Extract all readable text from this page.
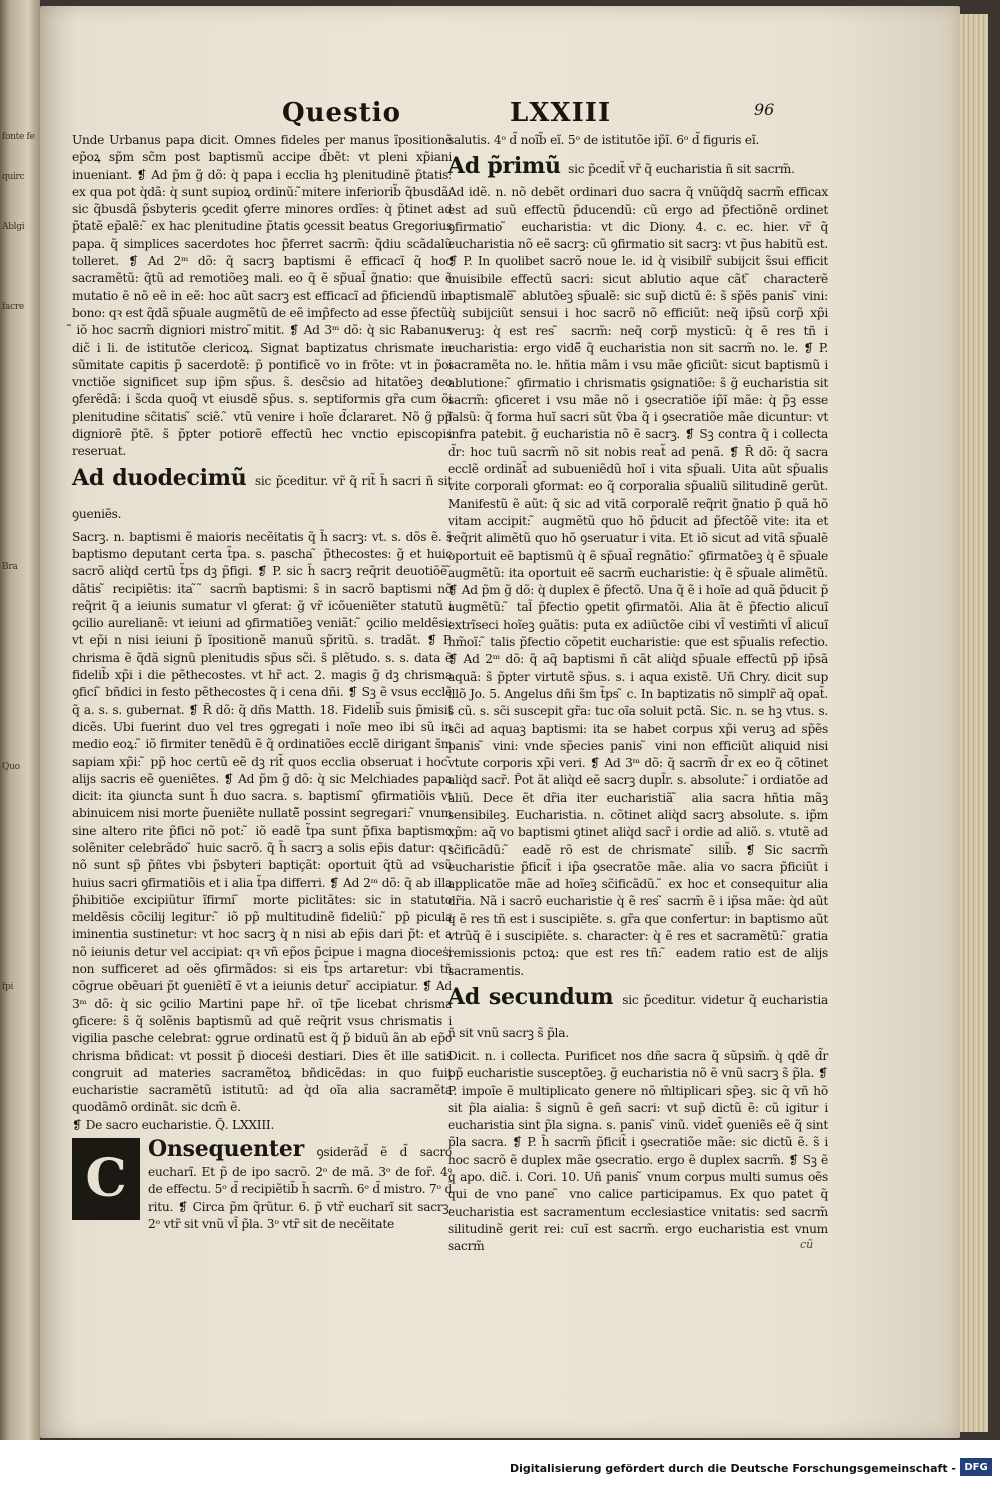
fonte fe
quirc
Ablgi
facre
Bra
Quo
fpi
Questio	LXXIII	96

Unde Urbanus papa dicit. Omnes fideles per manus ĩpositionẽ ep̃oꝝ sp̃m sc̃m post baptismũ accipe d̃bẽt: vt pleni xp̃iani inueniant. ❡ Ad p̃m g̃ dõ: q̀ papa i ecclia hꝫ plenitudinẽ p̃tatis: ex qua pot q̀dã: q̀ sunt supioꝝ ordinũ: ̃mitere inferiorib̃ q̃busdã: sic q̃busdã p̃sbyteris ꝯcedit ꝯferre minores ordĩes: q̀ p̃tinet ad p̃tatẽ ep̃alẽ: ̃ ex hac plenitudine p̃tatis ꝯcessit beatus Gregorius papa. q̃ simplices sacerdotes hoc p̃ferret sacrm̃: q̃diu scãdalũ tolleret. ❡ Ad 2ᵐ dõ: q̃ sacrꝫ baptismi ẽ efficacĩ q̃ hoc sacramẽtũ: q̃tũ ad remotiõeꝫ mali. eo q̃ ẽ sp̃ual̃ g̃natio: que ẽ mutatio ẽ nõ eẽ in eẽ: hoc aũt sacrꝫ est efficacĩ ad p̃ficiendũ in bono: qꝛ est q̃dã sp̃uale augmẽtũ de eẽ imp̃fecto ad esse p̃fectũ: ̃ iõ hoc sacrm̃ digniori mistro ̃mitit. ❡ Ad 3ᵐ dõ: q̀ sic Rabanus dic̃ i li. de istitutõe clericoꝝ. Signat baptizatus chrismate in sũmitate capitis p̃ sacerdotẽ: p̃ pontificẽ vo in frõte: vt in p̃oi vnctiõe significet sup ip̃m sp̃us. s̃. desc̃sio ad hitatõeꝫ deo ꝯferẽdã: i s̃cda quoq̃ vt eiusdẽ sp̃us. s. septiformis gr̃a cum õi plenitudine sc̃itatis ̃ sciẽ. ̃ vtũ venire i hoĩe d̃clararet. Nõ g̃ pp̃ digniorẽ p̃tẽ. s̃ p̃pter potiorẽ effectũ hec vnctio episcopis reseruat.

Ad duodecimũ sic p̃ceditur. vr̃ q̃ rit̃ h̃ sacri ñ sit ꝯueniẽs.

Sacrꝫ. n. baptismi ẽ maioris necẽitatis q̃ h̃ sacrꝫ: vt. s. dõs ẽ. s̃ baptismo deputant certa t̃pa. s. pascha ̃ p̃thecostes: g̃ et huic sacrõ aliq̀d certũ t̃ps dꝫ p̃figi. ❡ P. sic h̃ sacrꝫ req̃rit deuotiõẽ ̃ dãtis ̃ recipiẽtis: ita ̃ ̃ sacrm̃ baptismi: s̃ in sacrõ baptismi nõ req̃rit q̃ a ieiunis sumatur vl ꝯferat: g̃ vr̃ icõueniẽter statutũ i ꝯcilio aurelianẽ: vt ieiuni ad ꝯfirmatiõeꝫ veniãt: ̃ ꝯcilio meldẽsi: vt ep̃i n nisi ieiuni p̃ ĩpositionẽ manuũ sp̃ritũ. s. tradãt. ❡ P. chrisma ẽ q̃dã signũ plenitudis sp̃us sc̃i. s̃ plẽtudo. s. s. data ẽ fidelib̃ xp̃i i die pẽthecostes. vt hr̃ act. 2. magis g̃ dꝫ chrisma ꝯfici ̃ bñdici in festo pẽthecostes q̃ i cena dñi. ❡ Sꝫ ẽ vsus ecclẽ q̃ a. s. s. gubernat. ❡ R̃ dõ: q̃ dñs Matth. 18. Fidelib̃ suis p̃misit dicẽs. Ubi fuerint duo vel tres ꝯgregati i noĩe meo ibi sũ in medio eoꝝ: ̃ iõ firmiter tenẽdũ ẽ q̃ ordinatiões ecclẽ dirigant s̃m sapiam xp̃i: ̃ pp̃ hoc certũ eẽ dꝫ rit̃ quos ecclia obseruat i hoc ̃ alijs sacris eẽ ꝯueniẽtes. ❡ Ad p̃m g̃ dõ: q̀ sic Melchiades papa dicit: ita ꝯiuncta sunt h̃ duo sacra. s. baptismi ̃ ꝯfirmatiõis vt abinuicem nisi morte p̃ueniẽte nullatẽ̃ possint segregari: ̃ vnum sine altero rite p̃fici nõ pot: ̃ iõ eadẽ t̃pa sunt p̃fixa baptismo solẽniter celebrãdo ̃ huic sacrõ. q̃ h̃ sacrꝫ a solis ep̃is datur: qꝛ nõ sunt sp̃ p̃ñtes vbi p̃sbyteri baptiçãt: oportuit q̃tũ ad vsũ huius sacri ꝯfirmatiõis et i alia t̃pa differri. ❡ Ad 2ᵐ dõ: q̃ ab illa p̃hibitiõe excipiũtur ĩfirmi ̃ morte piclitãtes: sic in statuto meldẽsis cõcilij legitur: ̃ iõ pp̃ multitudinẽ fideliũ: ̃ pp̃ picula iminentia sustinetur: vt hoc sacrꝫ q̀ n nisi ab ep̃is dari p̃t: et a nõ ieiunis detur vel accipiat: qꝛ vñ ep̃os p̃cipue i magna dioceṡi non sufficeret ad oẽs ꝯfirmãdos: si eis t̃ps artaretur: vbi tñ cõgrue obẽuari p̃t ꝯueniẽtĩ ẽ vt a ieiunis detur ̃ accipiatur. ❡ Ad 3ᵐ dõ: q̀ sic ꝯcilio Martini pape hr̃. oĩ tp̃e licebat chrisma ꝯficere: s̃ q̃ solẽnis baptismũ ad quẽ req̃rit vsus chrismatis i vigilia pasche celebrat: ꝯgrue ordinatũ est q̃ p̃ biduũ ãn ab ep̃o chrisma bñdicat: vt possit p̃ dioceṡi destiari. Dies ẽt ille satis congruit ad materies sacramẽtoꝝ bñdicẽdas: in quo fuit eucharistie sacramẽtũ istitutũ: ad q̀d oĩa alia sacramẽta quodãmõ ordinãt. sic dcm̃ ẽ.

❡ De sacro eucharistie. Q̃. LXXIII.

C Onsequenter ꝯsiderãd̃ ẽ d̃ sacro eucharĩ. Et p̃ de ipo sacrõ. 2ᵒ de mã. 3ᵒ de for̃. 4ᵒ de effectu. 5ᵒ d̃ recipiẽtib̃ h̃ sacrm̃. 6ᵒ d̃ mistro. 7ᵒ d̃ ritu. ❡ Circa p̃m q̃rũtur. 6. p̃ vtr̃ eucharĩ sit sacrꝫ. 2ᵒ vtr̃ sit vnũ vl̃ p̃la. 3ᵒ vtr̃ sit de necẽitate

salutis. 4ᵒ d̃ noĩb̃ eĩ. 5ᵒ de istitutõe ip̃ĩ. 6ᵒ d̃ figuris eĩ.

Ad p̃rimũ sic p̃cedit̃ vr̃ q̃ eucharistia ñ sit sacrm̃.

Ad idẽ. n. nõ debẽt ordinari duo sacra q̃ vnũq̃dq̃ sacrm̃ efficax est ad suũ effectũ p̃ducendũ: cũ ergo ad p̃fectiõnẽ ordinet ꝯfirmatio ̃ eucharistia: vt dic Diony. 4. c. ec. hier. vr̃ q̃ eucharistia nõ eẽ sacrꝫ: cũ ꝯfirmatio sit sacrꝫ: vt p̃us habitũ est. ❡ P. In quolibet sacrõ noue le. id q̀ visibilr̃ subijcit s̃sui efficit inuisibile effectũ sacri: sicut ablutio aque cãt ̃ characterẽ baptismalẽ ̃ ablutõeꝫ sp̃ualẽ: sic sup̃ dictũ ẽ: s̃ sp̃ẽs panis ̃ vini: q̀ subijciũt sensui i hoc sacrõ nõ efficiũt: neq̃ ip̃sũ corp̃ xp̃i veruꝫ: q̀ est res ̃ sacrm̃: neq̃ corp̃ mysticũ: q̀ ẽ res tñ i eucharistia: ergo vidẽ̃ q̃ eucharistia non sit sacrm̃ no. le. ❡ P. sacramẽta no. le. hñtia mãm i vsu mãe ꝯficiũt: sicut baptismũ i ablutione: ̃ ꝯfirmatio i chrismatis ꝯsignatiõe: s̃ g̃ eucharistia sit sacrm̃: ꝯficeret i vsu mãe nõ i ꝯsecratiõe ip̃ĩ mãe: q̀ p̃ꝫ esse falsũ: q̃ forma huĩ sacri sũt ṽba q̃ i ꝯsecratiõe mãe dicuntur: vt infra patebit. g̃ eucharistia nõ ẽ sacrꝫ. ❡ Sꝫ contra q̃ i collecta d̃r: hoc tuũ sacrm̃ nõ sit nobis reat̃ ad penã. ❡ R̃ dõ: q̃ sacra ecclẽ ordinãt̃ ad subueniẽdũ hoĩ i vita sp̃uali. Uita aũt sp̃ualis vite corporali ꝯformat: eo q̃ corporalia sp̃ualiũ silitudinẽ gerũt. Manifestũ ẽ aũt: q̃ sic ad vitã corporalẽ req̃rit g̃natio p̃ quã hõ vitam accipit: ̃ augmẽtũ quo hõ p̃ducit ad p̃fectõẽ vite: ita et req̃rit alimẽtũ quo hõ ꝯseruatur i vita. Et iõ sicut ad vitã sp̃ualẽ oportuit eẽ baptismũ q̀ ẽ sp̃ual̃ regnãtio: ̃ ꝯfirmatõeꝫ q̀ ẽ sp̃uale augmẽtũ: ita oportuit eẽ sacrm̃ eucharistie: q̀ ẽ sp̃uale alimẽtũ. ❡ Ad p̃m g̃ dõ: q̀ duplex ẽ p̃fectõ. Una q̃ ẽ i hoĩe ad quã p̃ducit p̃ augmẽtũ: ̃ tal̃ p̃fectio ꝯpetit ꝯfirmatõi. Alia ãt ẽ p̃fectio alicuĩ extrĩseci hoĩeꝫ ꝯuãtis: puta ex adiũctõe cibi vl̃ vestim̃ti vl̃ alicuĩ hm̃oĩ: ̃ talis p̃fectio cõpetit eucharistie: que est sp̃ualis refectio. ❡ Ad 2ᵐ dõ: q̃ aq̃ baptismi ñ cãt aliq̀d sp̃uale effectũ pp̃ ip̃sã aquã: s̃ p̃pter virtutẽ sp̃us. s. i aqua existẽ. Uñ Chry. dicit sup illõ Jo. 5. Angelus dñi s̃m t̃ps ̃ c. In baptizatis nõ simplr̃ aq̃ opat̃. s̃ cũ. s. sc̃i suscepit gr̃a: tuc oĩa soluit pctã. Sic. n. se hꝫ vtus. s. sc̃i ad aquaꝫ baptismi: ita se habet corpus xp̃i veruꝫ ad sp̃ẽs panis ̃ vini: vnde sp̃ecies panis ̃ vini non efficiũt aliquid nisi vtute corporis xp̃i veri. ❡ Ad 3ᵐ dõ: q̃ sacrm̃ d̃r ex eo q̃ cõtinet aliq̀d sacr̃. P̃ot ãt aliq̀d eẽ sacrꝫ dupl̃r. s. absolute: ̃ i ordiatõe ad aliũ. Dece ẽt dr̃ia iter eucharistiã ̃ alia sacra hñtia mãꝫ sensibileꝫ. Eucharistia. n. cõtinet aliq̀d sacrꝫ absolute. s. ip̃m xp̃m: aq̃ vo baptismi ꝯtinet aliq̀d sacr̃ i ordie ad aliõ. s. vtutẽ ad sc̃ificãdũ: ̃ eadẽ rõ est de chrismate ̃ silib̃. ❡ Sic sacrm̃ eucharistie p̃ficit̃ i ip̃a ꝯsecratõe mãe. alia vo sacra p̃ficiũt i applicatõe mãe ad hoĩeꝫ sc̃ificãdũ. ̃ ex hoc et consequitur alia dr̃ia. Nã i sacrõ eucharistie q̀ ẽ res ̃ sacrm̃ ẽ i ip̃sa mãe: q̀d aũt q̀ ẽ res tñ est i suscipiẽte. s. gr̃a que confertur: in baptismo aũt vtrũq̃ ẽ i suscipiẽte. s. character: q̀ ẽ res et sacramẽtũ: ̃ gratia remissionis pctoꝝ: que est res tñ: ̃ eadem ratio est de alijs sacramentis.

Ad secundum sic p̃ceditur. videtur q̃ eucharistia ñ sit vnũ sacrꝫ s̃ p̃la.

Dicit. n. i collecta. Purificet nos dñe sacra q̃ sũpsim̃. q̀ qdẽ d̃r pp̃ eucharistie susceptõeꝫ. g̃ eucharistia nõ ẽ vnũ sacrꝫ s̃ p̃la. ❡ P. impoĩe ẽ multiplicato genere nõ m̃ltiplicari sp̃eꝫ. sic q̃ vñ hõ sit p̃la aialia: s̃ signũ ẽ geñ sacri: vt sup̃ dictũ ẽ: cũ igitur i eucharistia sint p̃la signa. s. panis ̃ vinũ. videt̃ ꝯueniẽs eẽ q̃ sint p̃la sacra. ❡ P. h̃ sacrm̃ p̃ficit̃ i ꝯsecratiõe mãe: sic dictũ ẽ. s̃ i hoc sacrõ ẽ duplex mãe ꝯsecratio. ergo ẽ duplex sacrm̃. ❡ Sꝫ ẽ q̀ apo. dic̃. i. Cori. 10. Uñ panis ̃ vnum corpus multi sumus oẽs qui de vno pane ̃ vno calice participamus. Ex quo patet q̃ eucharistia est sacramentum ecclesiastice vnitatis: sed sacrm̃ silitudinẽ gerit rei: cuĩ est sacrm̃. ergo eucharistia est vnum sacrm̃	cũ
Digitalisierung gefördert durch die Deutsche Forschungsgemeinschaft - DFG
